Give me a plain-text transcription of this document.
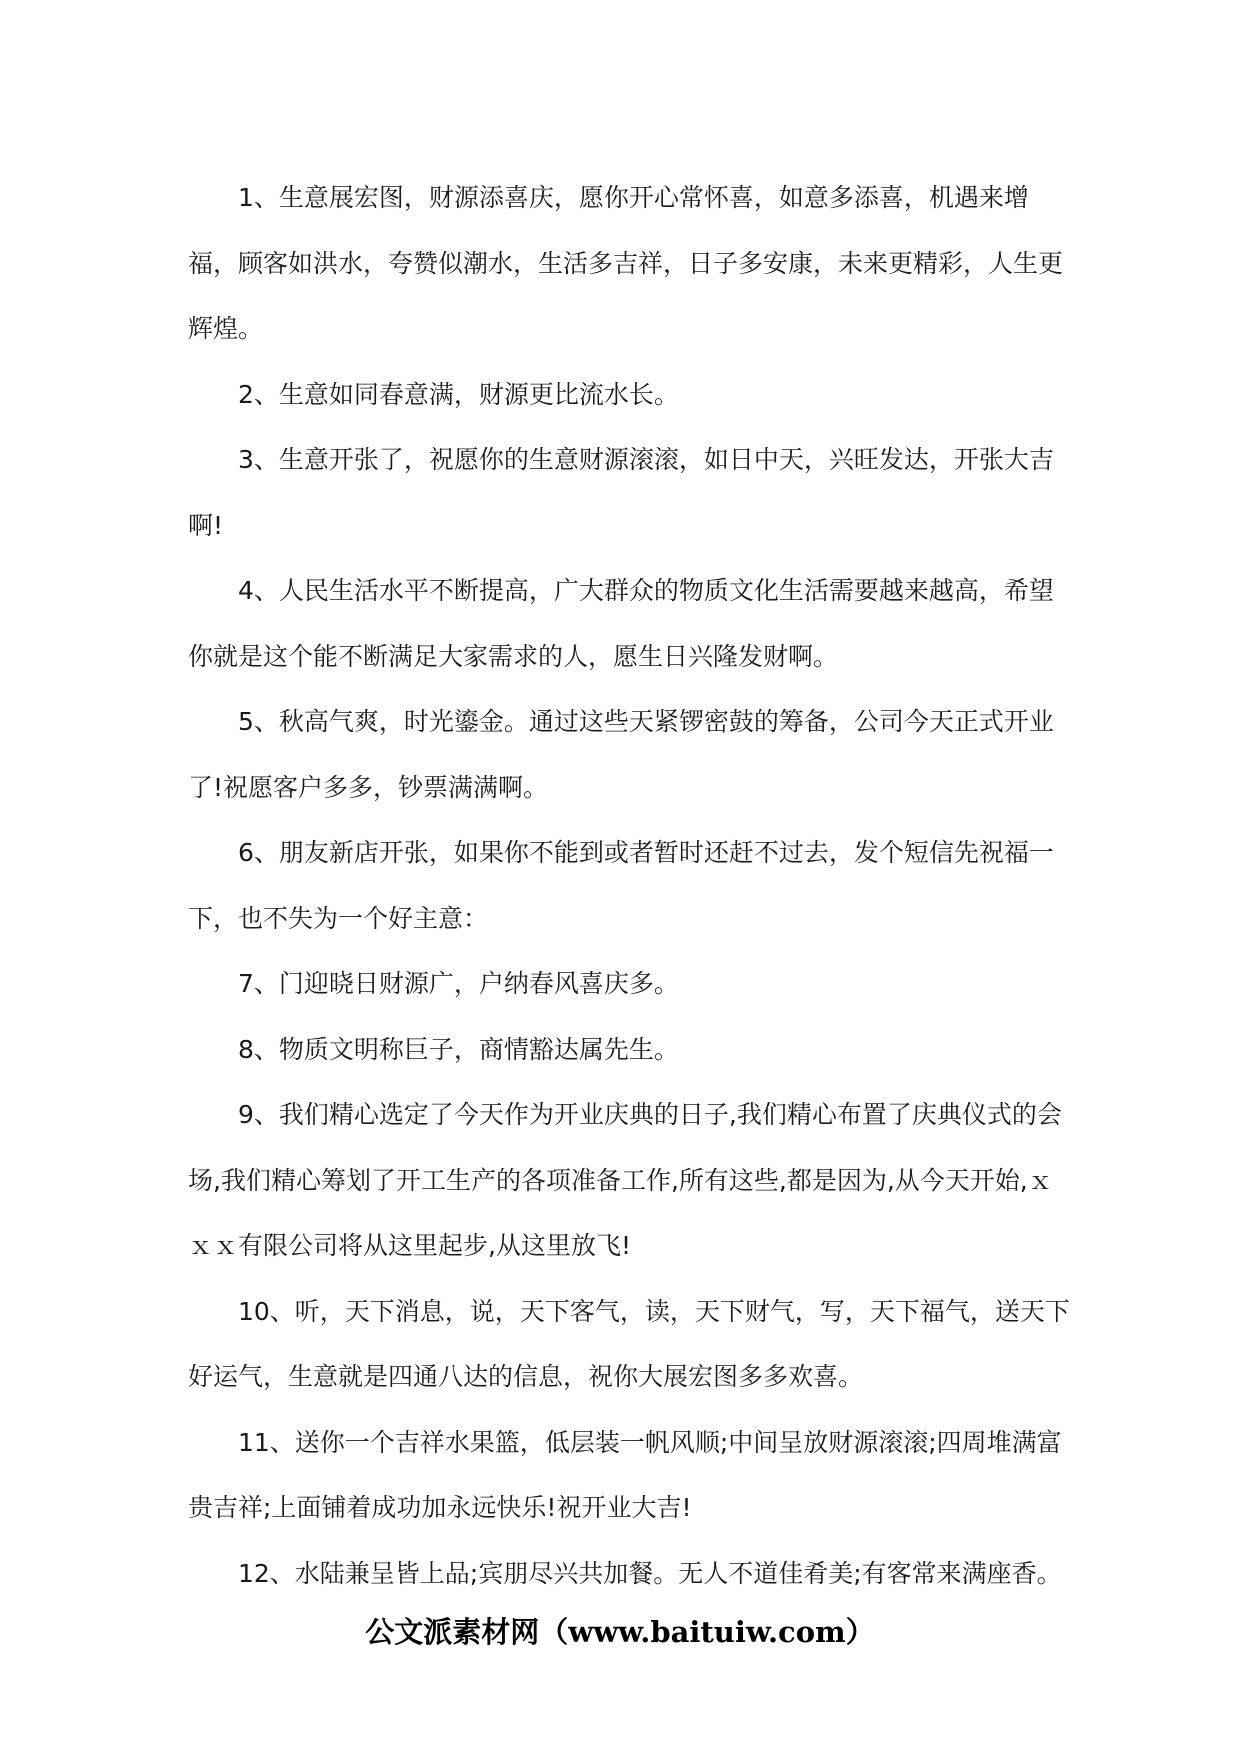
1、生意展宏图，财源添喜庆，愿你开心常怀喜，如意多添喜，机遇来增福，顾客如洪水，夸赞似潮水，生活多吉祥，日子多安康，未来更精彩，人生更辉煌。

2、生意如同春意满，财源更比流水长。

3、生意开张了，祝愿你的生意财源滚滚，如日中天，兴旺发达，开张大吉啊!

4、人民生活水平不断提高，广大群众的物质文化生活需要越来越高，希望你就是这个能不断满足大家需求的人，愿生日兴隆发财啊。

5、秋高气爽，时光鎏金。通过这些天紧锣密鼓的筹备，公司今天正式开业了!祝愿客户多多，钞票满满啊。

6、朋友新店开张，如果你不能到或者暂时还赶不过去，发个短信先祝福一下，也不失为一个好主意：

7、门迎晓日财源广，户纳春风喜庆多。

8、物质文明称巨子，商情豁达属先生。

9、我们精心选定了今天作为开业庆典的日子,我们精心布置了庆典仪式的会场,我们精心筹划了开工生产的各项准备工作,所有这些,都是因为,从今天开始,ｘｘｘ有限公司将从这里起步,从这里放飞!

10、听，天下消息，说，天下客气，读，天下财气，写，天下福气，送天下好运气，生意就是四通八达的信息，祝你大展宏图多多欢喜。

11、送你一个吉祥水果篮，低层装一帆风顺;中间呈放财源滚滚;四周堆满富贵吉祥;上面铺着成功加永远快乐!祝开业大吉!

12、水陆兼呈皆上品;宾朋尽兴共加餐。无人不道佳肴美;有客常来满座香。

公文派素材网（www.baituiw.com）
